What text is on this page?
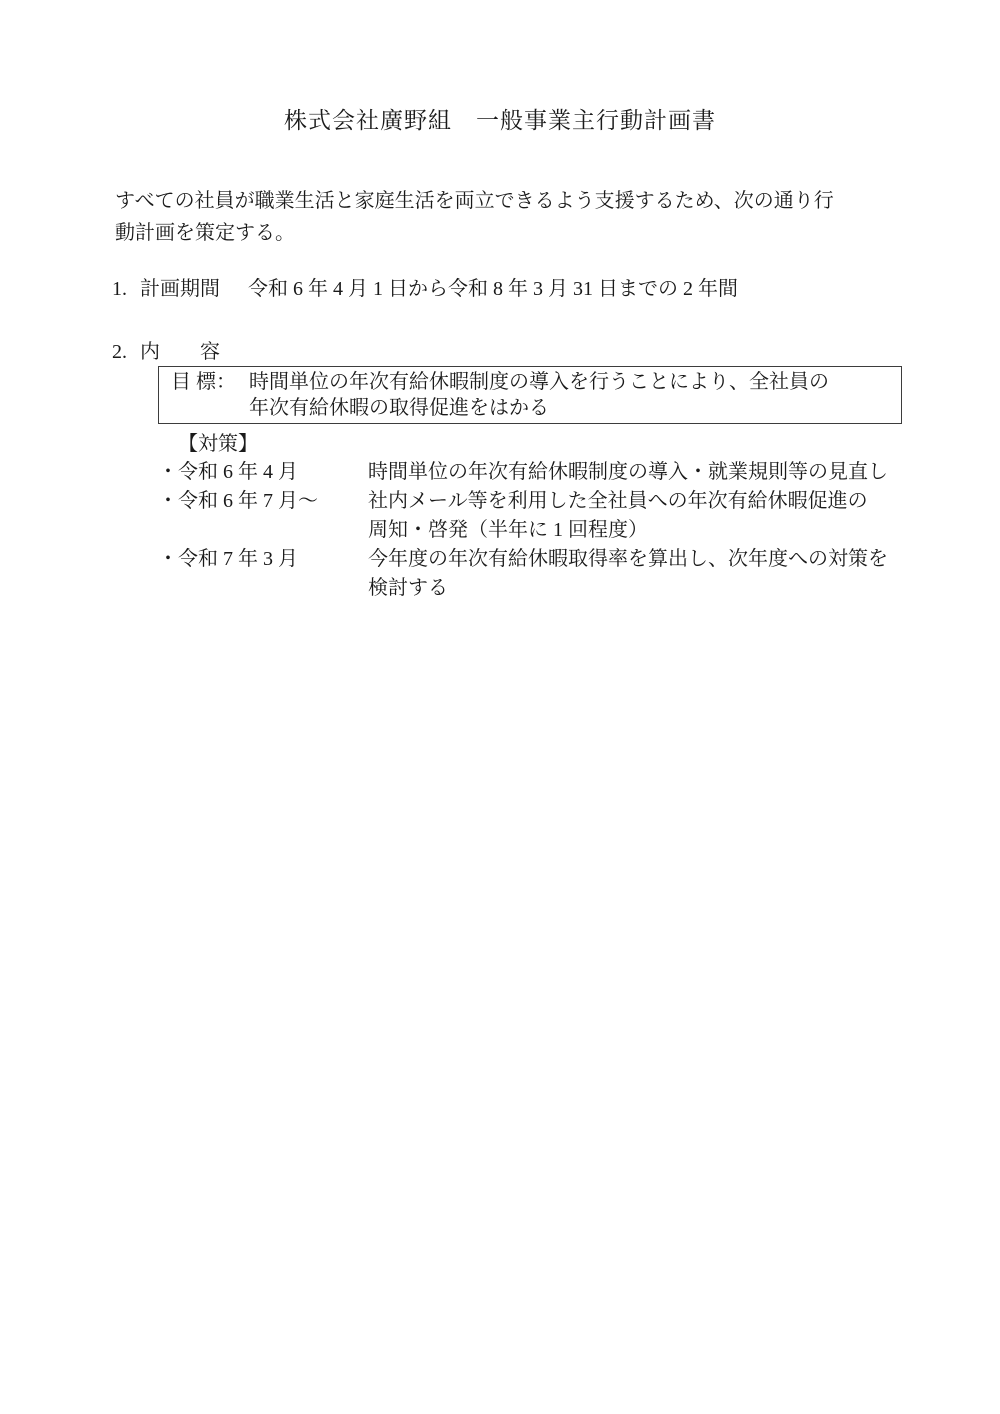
株式会社廣野組　一般事業主行動計画書

すべての社員が職業生活と家庭生活を両立できるよう支援するため、次の通り行
動計画を策定する。

1. 計画期間 令和 6 年 4 月 1 日から令和 8 年 3 月 31 日までの 2 年間
2. 内　　容
目 標： 時間単位の年次有給休暇制度の導入を行うことにより、全社員の
年次有給休暇の取得促進をはかる
【対策】
・令和 6 年 4 月	時間単位の年次有給休暇制度の導入・就業規則等の見直し
・令和 6 年 7 月～	社内メール等を利用した全社員への年次有給休暇促進の
周知・啓発（半年に 1 回程度）
・令和 7 年 3 月	今年度の年次有給休暇取得率を算出し、次年度への対策を
検討する
